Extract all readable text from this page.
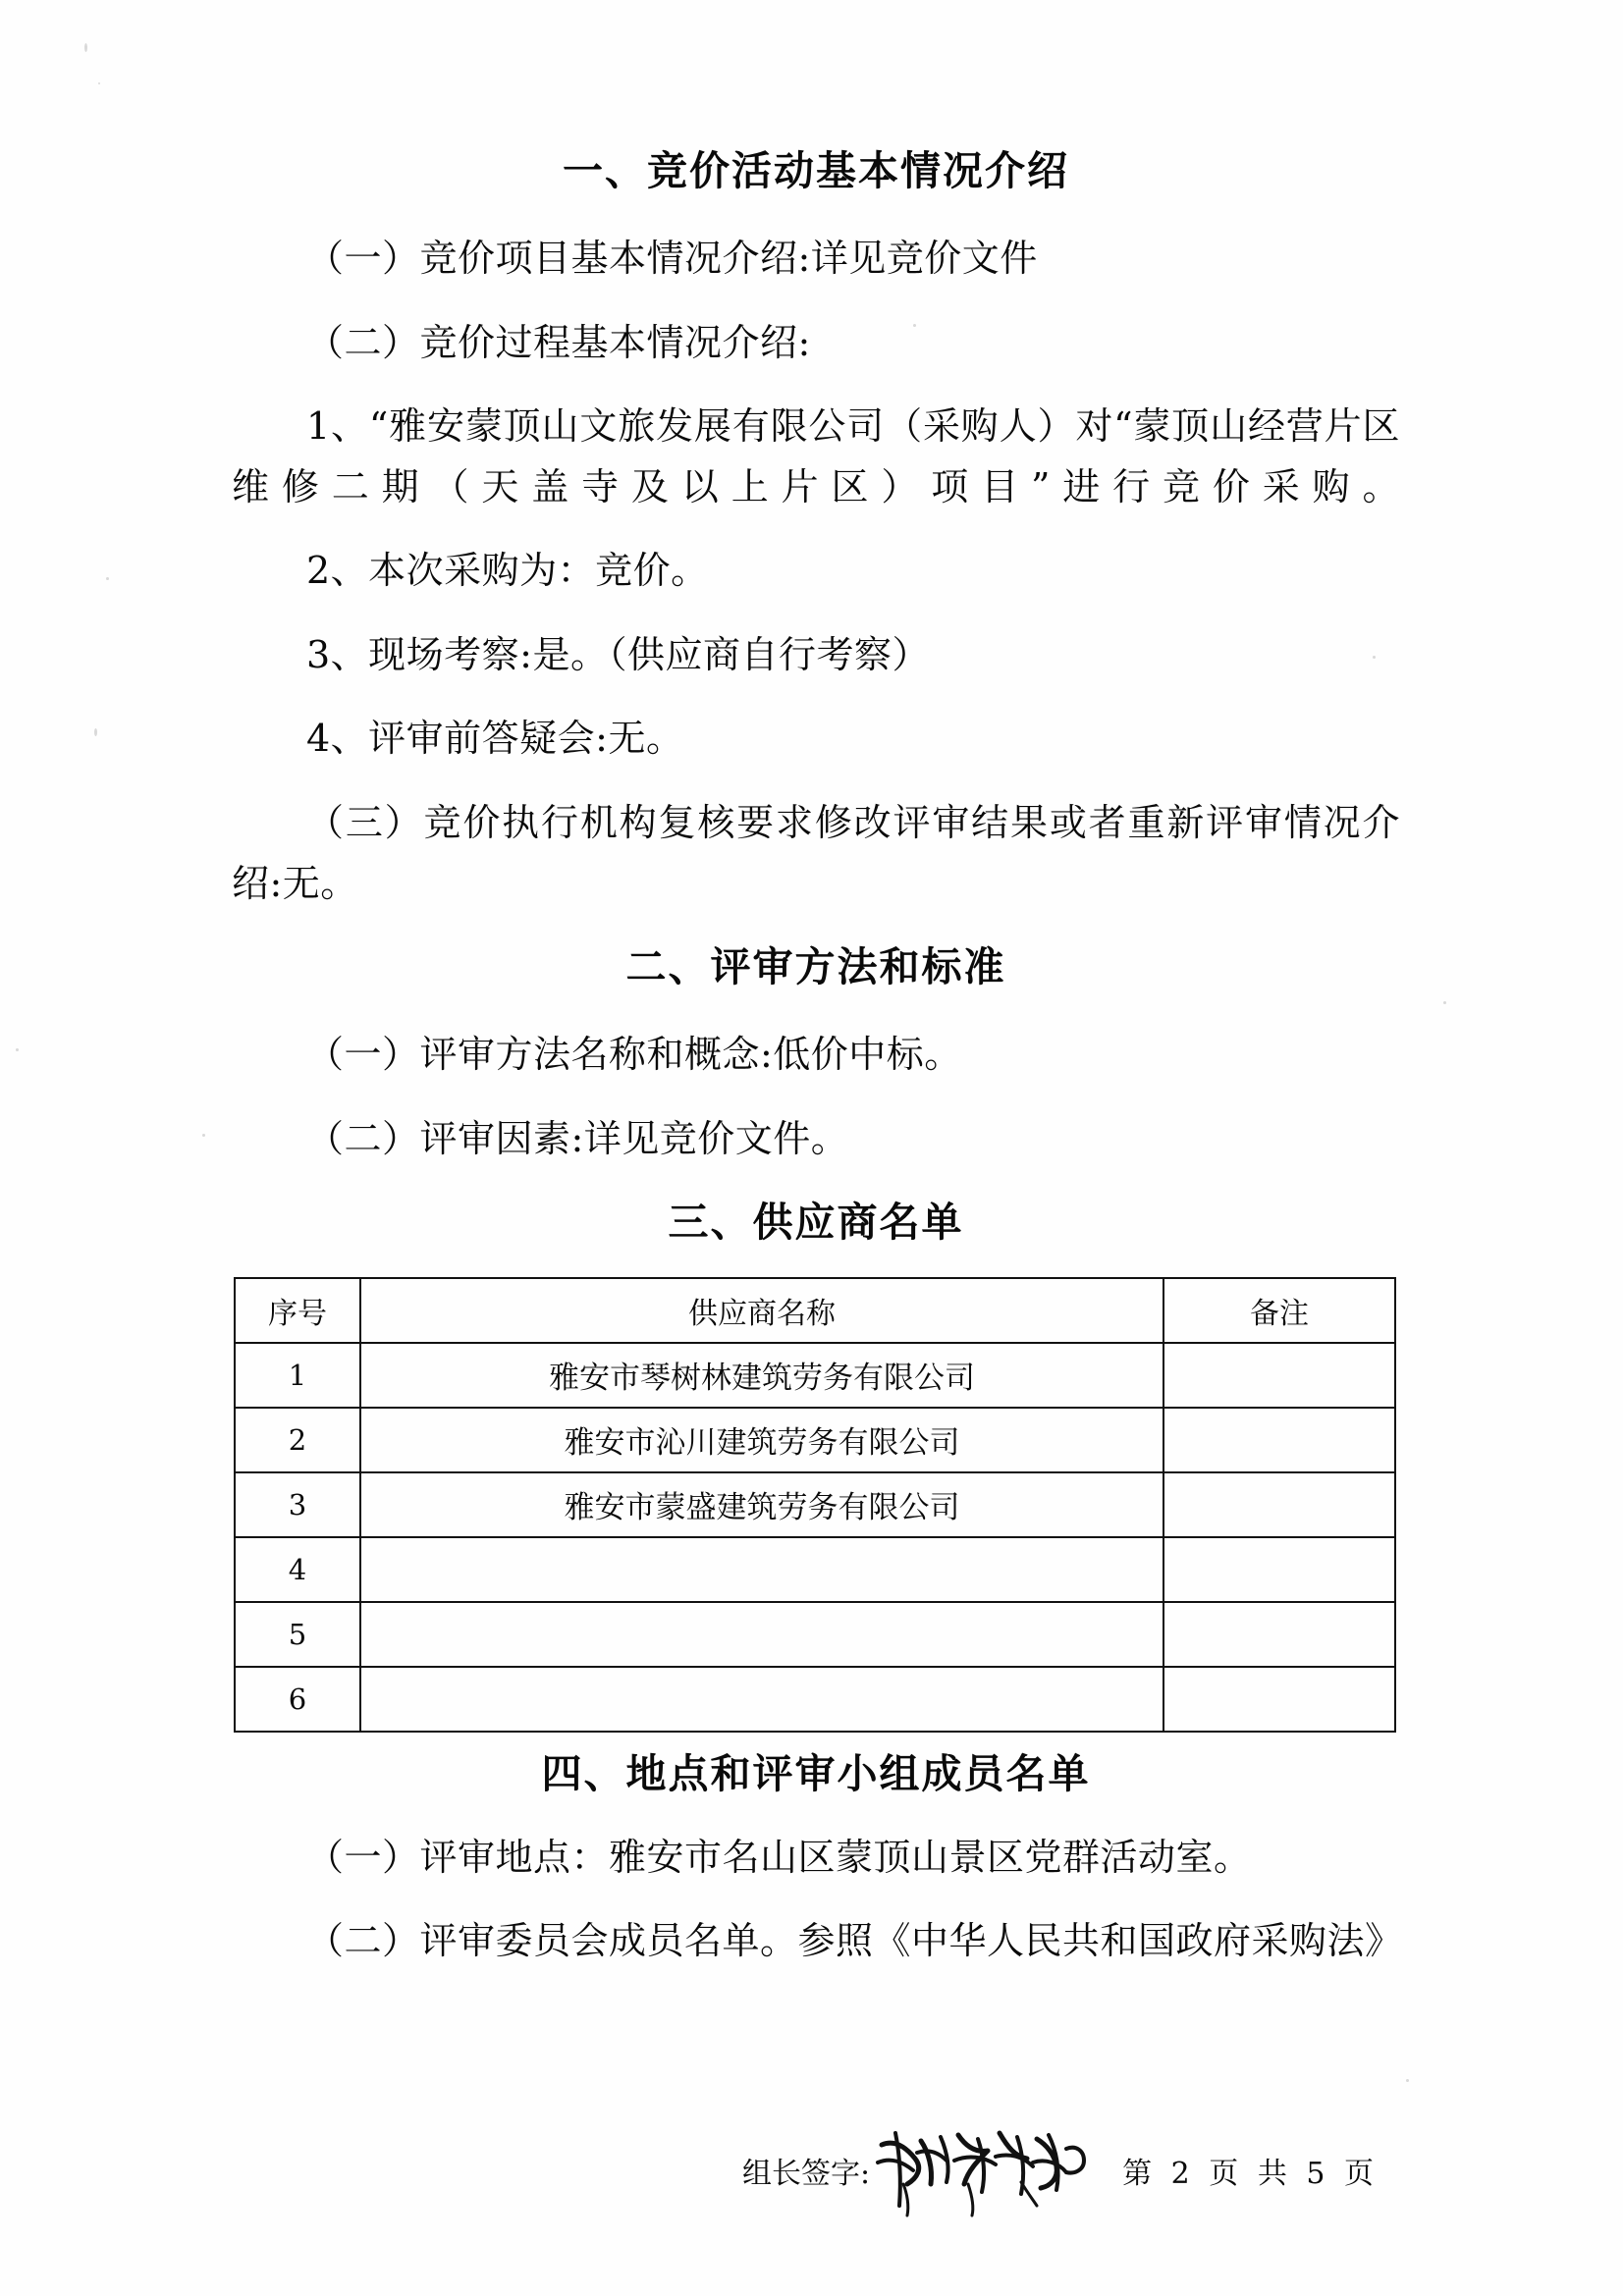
一、竞价活动基本情况介绍

（一）竞价项目基本情况介绍:详见竞价文件

（二）竞价过程基本情况介绍:

1、“雅安蒙顶山文旅发展有限公司（采购人）对“蒙顶山经营片区维修二期（天盖寺及以上片区）项目”进行竞价采购。

2、本次采购为：竞价。

3、现场考察:是。（供应商自行考察）

4、评审前答疑会:无。

（三）竞价执行机构复核要求修改评审结果或者重新评审情况介绍:无。

二、评审方法和标准

（一）评审方法名称和概念:低价中标。

（二）评审因素:详见竞价文件。

三、供应商名单
序号	供应商名称	备注
1	雅安市琴树林建筑劳务有限公司	
2	雅安市沁川建筑劳务有限公司	
3	雅安市蒙盛建筑劳务有限公司	
4		
5		
6		
四、地点和评审小组成员名单

（一）评审地点：雅安市名山区蒙顶山景区党群活动室。

（二）评审委员会成员名单。参照《中华人民共和国政府采购法》

组长签字:	第 2 页 共 5 页
